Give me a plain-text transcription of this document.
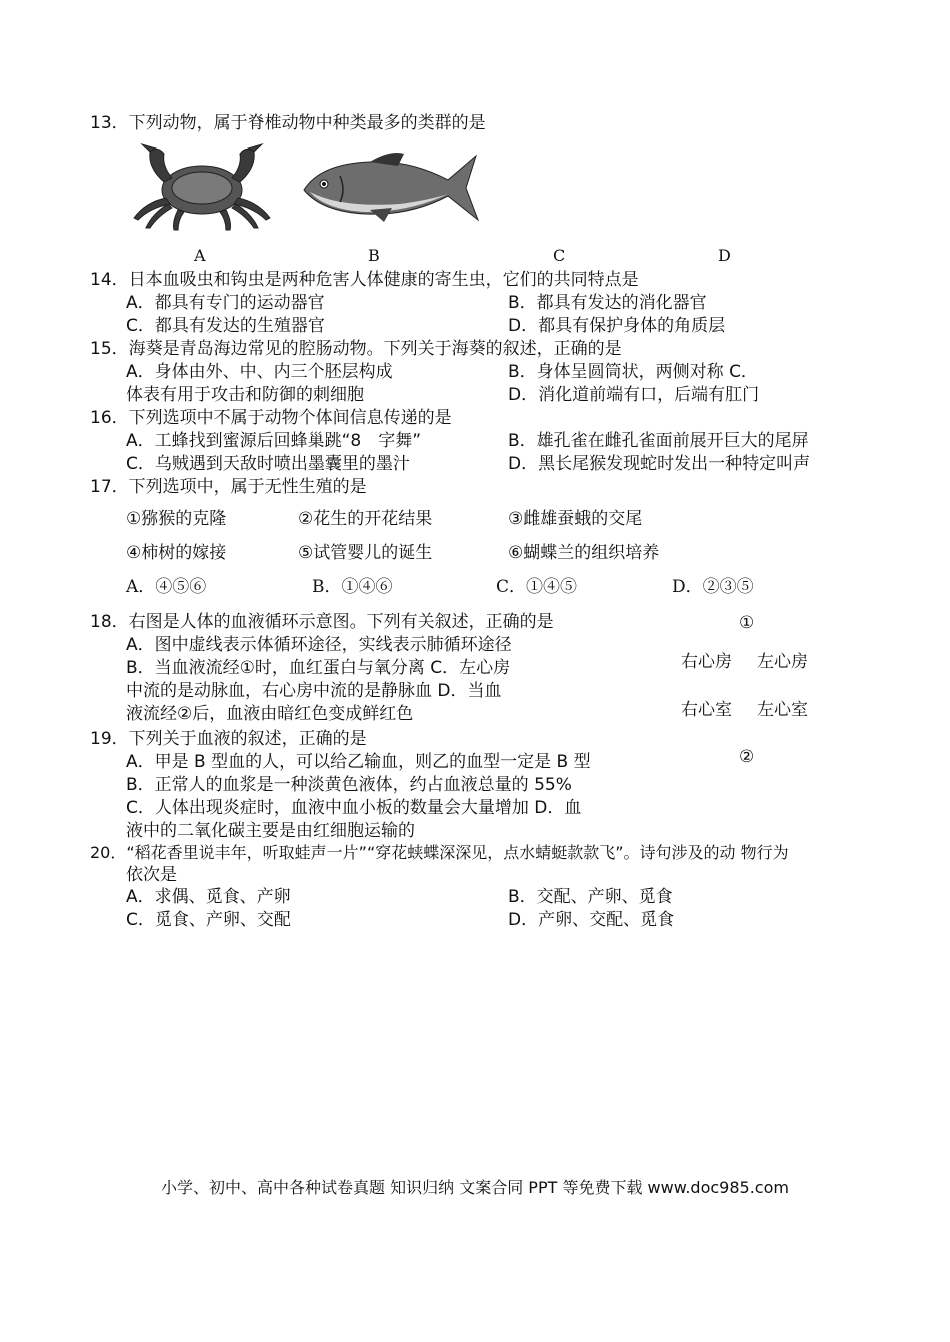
13．下列动物，属于脊椎动物中种类最多的类群的是
A	B	C	D
14．日本血吸虫和钩虫是两种危害人体健康的寄生虫，它们的共同特点是
A．都具有专门的运动器官	B．都具有发达的消化器官
C．都具有发达的生殖器官	D．都具有保护身体的角质层
15．海葵是青岛海边常见的腔肠动物。下列关于海葵的叙述，正确的是
A．身体由外、中、内三个胚层构成	B．身体呈圆筒状，两侧对称 C．
体表有用于攻击和防御的刺细胞	D．消化道前端有口，后端有肛门
16．下列选项中不属于动物个体间信息传递的是
A．工蜂找到蜜源后回蜂巢跳“8　字舞”	B．雄孔雀在雌孔雀面前展开巨大的尾屏
C．乌贼遇到天敌时喷出墨囊里的墨汁	D．黑长尾猴发现蛇时发出一种特定叫声
17．下列选项中，属于无性生殖的是
①猕猴的克隆	②花生的开花结果	③雌雄蚕蛾的交尾
④柿树的嫁接	⑤试管婴儿的诞生	⑥蝴蝶兰的组织培养
A．④⑤⑥	B．①④⑥	C．①④⑤	D．②③⑤
18．右图是人体的血液循环示意图。下列有关叙述，正确的是
A．图中虚线表示体循环途径，实线表示肺循环途径
B．当血液流经①时，血红蛋白与氧分离 C．左心房
中流的是动脉血，右心房中流的是静脉血 D．当血
液流经②后，血液由暗红色变成鲜红色
①
右心房 左心房
右心室 左心室
②
19．下列关于血液的叙述，正确的是
A．甲是 B 型血的人，可以给乙输血，则乙的血型一定是 B 型
B．正常人的血浆是一种淡黄色液体，约占血液总量的 55%
C．人体出现炎症时，血液中血小板的数量会大量增加 D．血
液中的二氧化碳主要是由红细胞运输的
20．“稻花香里说丰年，听取蛙声一片”“穿花蛱蝶深深见，点水蜻蜓款款飞”。诗句涉及的动 物行为
依次是
A．求偶、觅食、产卵	B．交配、产卵、觅食
C．觅食、产卵、交配	D．产卵、交配、觅食
小学、初中、高中各种试卷真题 知识归纳 文案合同 PPT 等免费下载 www.doc985.com
